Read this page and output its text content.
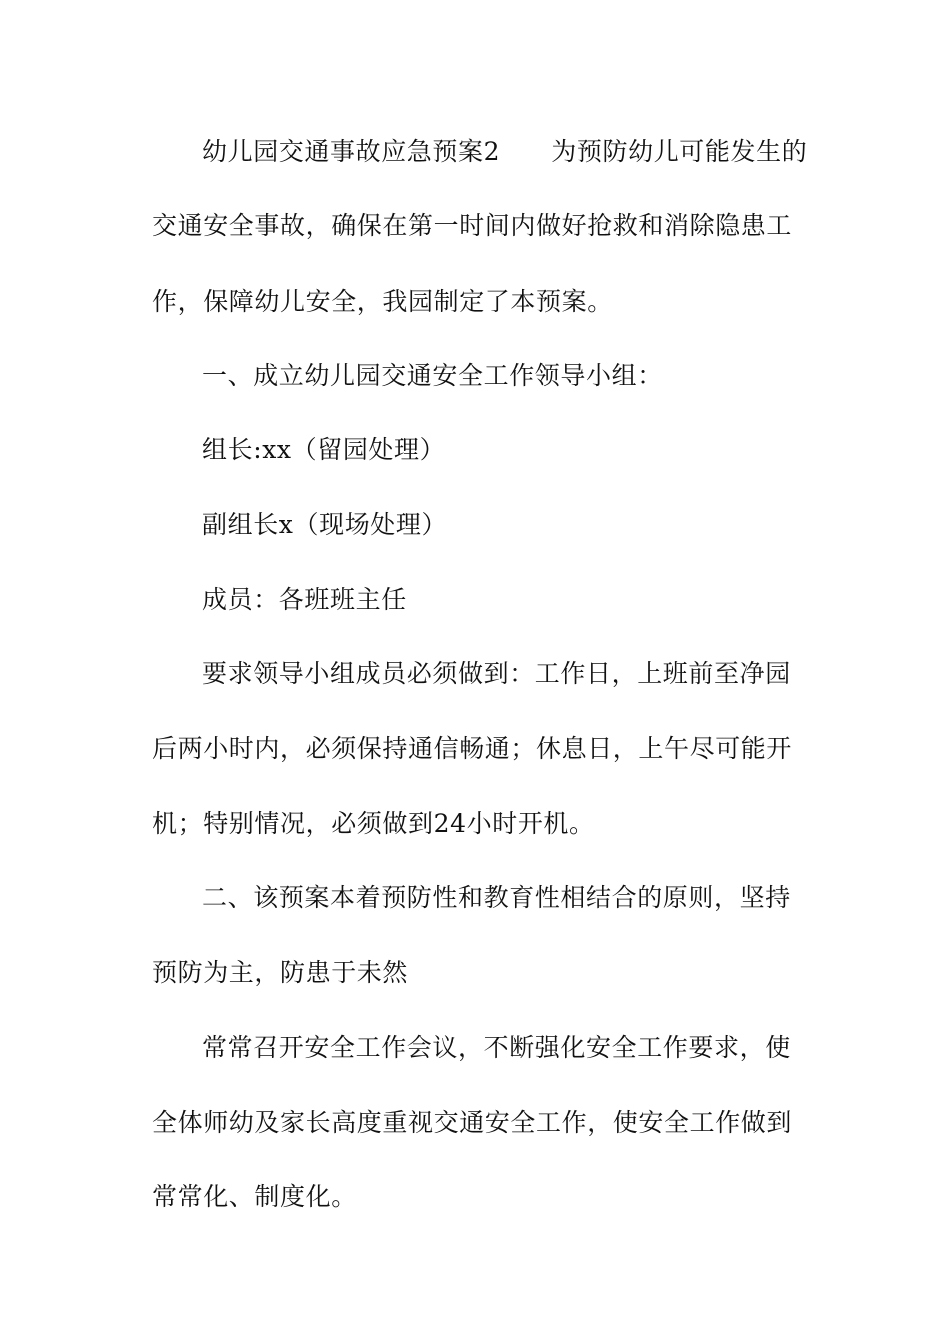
幼儿园交通事故应急预案2　　为预防幼儿可能发生的
交通安全事故，确保在第一时间内做好抢救和消除隐患工
作，保障幼儿安全，我园制定了本预案。
一、成立幼儿园交通安全工作领导小组：
组长:xx（留园处理）
副组长x（现场处理）
成员：各班班主任
要求领导小组成员必须做到：工作日，上班前至净园
后两小时内，必须保持通信畅通；休息日，上午尽可能开
机；特别情况，必须做到24小时开机。
二、该预案本着预防性和教育性相结合的原则，坚持
预防为主，防患于未然
常常召开安全工作会议，不断强化安全工作要求，使
全体师幼及家长高度重视交通安全工作，使安全工作做到
常常化、制度化。
